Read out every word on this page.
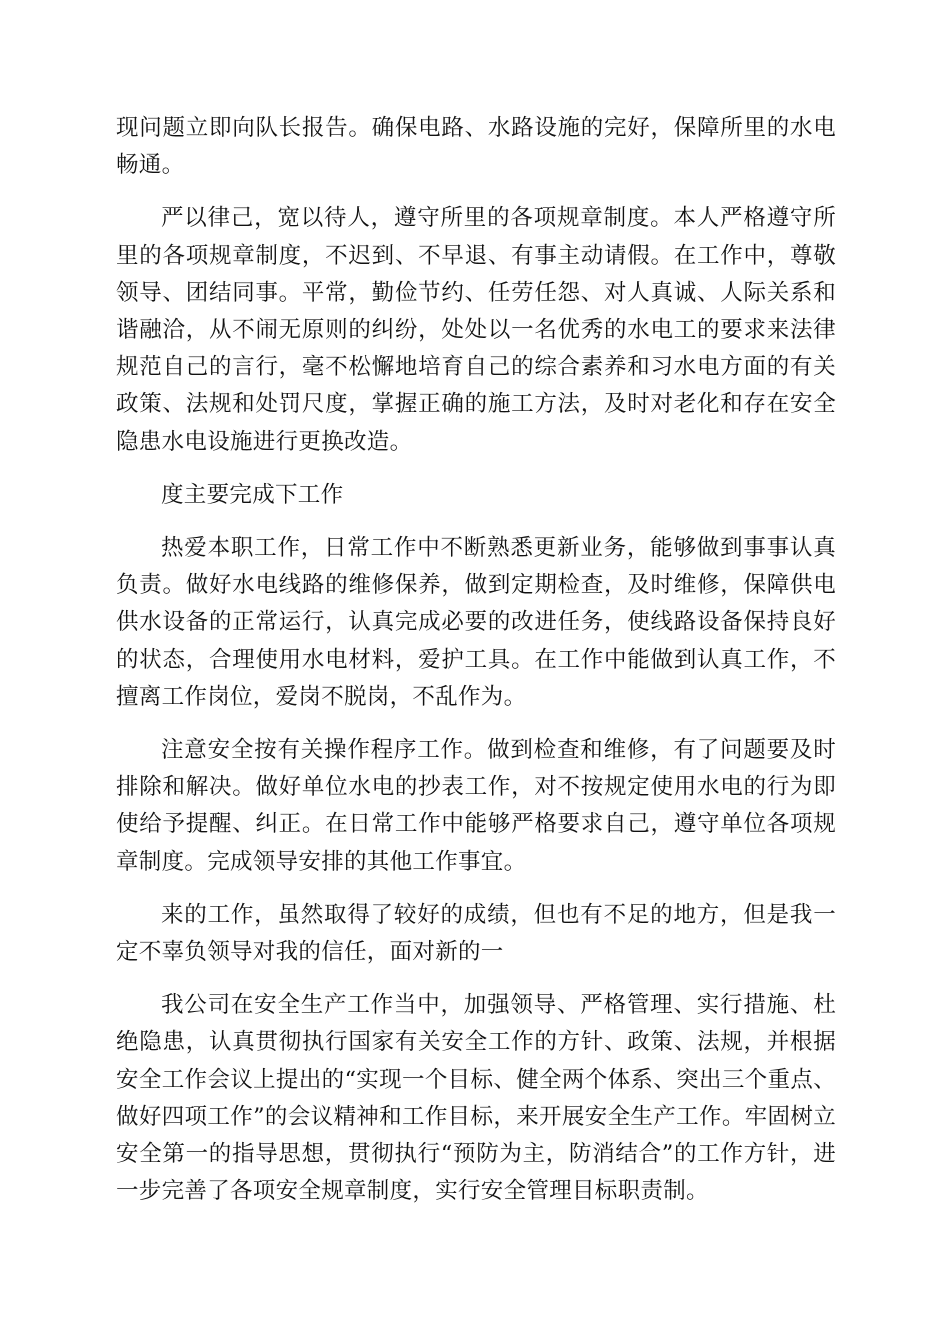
现问题立即向队长报告。确保电路、水路设施的完好，保障所里的水电畅通。

严以律己，宽以待人，遵守所里的各项规章制度。本人严格遵守所里的各项规章制度，不迟到、不早退、有事主动请假。在工作中，尊敬领导、团结同事。平常，勤俭节约、任劳任怨、对人真诚、人际关系和谐融洽，从不闹无原则的纠纷，处处以一名优秀的水电工的要求来法律规范自己的言行，毫不松懈地培育自己的综合素养和习水电方面的有关政策、法规和处罚尺度，掌握正确的施工方法，及时对老化和存在安全隐患水电设施进行更换改造。

度主要完成下工作

热爱本职工作，日常工作中不断熟悉更新业务，能够做到事事认真负责。做好水电线路的维修保养，做到定期检查，及时维修，保障供电供水设备的正常运行，认真完成必要的改进任务，使线路设备保持良好的状态，合理使用水电材料，爱护工具。在工作中能做到认真工作，不擅离工作岗位，爱岗不脱岗，不乱作为。

注意安全按有关操作程序工作。做到检查和维修，有了问题要及时排除和解决。做好单位水电的抄表工作，对不按规定使用水电的行为即使给予提醒、纠正。在日常工作中能够严格要求自己，遵守单位各项规章制度。完成领导安排的其他工作事宜。

来的工作，虽然取得了较好的成绩，但也有不足的地方，但是我一定不辜负领导对我的信任，面对新的一

我公司在安全生产工作当中，加强领导、严格管理、实行措施、杜绝隐患，认真贯彻执行国家有关安全工作的方针、政策、法规，并根据安全工作会议上提出的“实现一个目标、健全两个体系、突出三个重点、做好四项工作”的会议精神和工作目标，来开展安全生产工作。牢固树立安全第一的指导思想，贯彻执行“预防为主，防消结合”的工作方针，进一步完善了各项安全规章制度，实行安全管理目标职责制。
